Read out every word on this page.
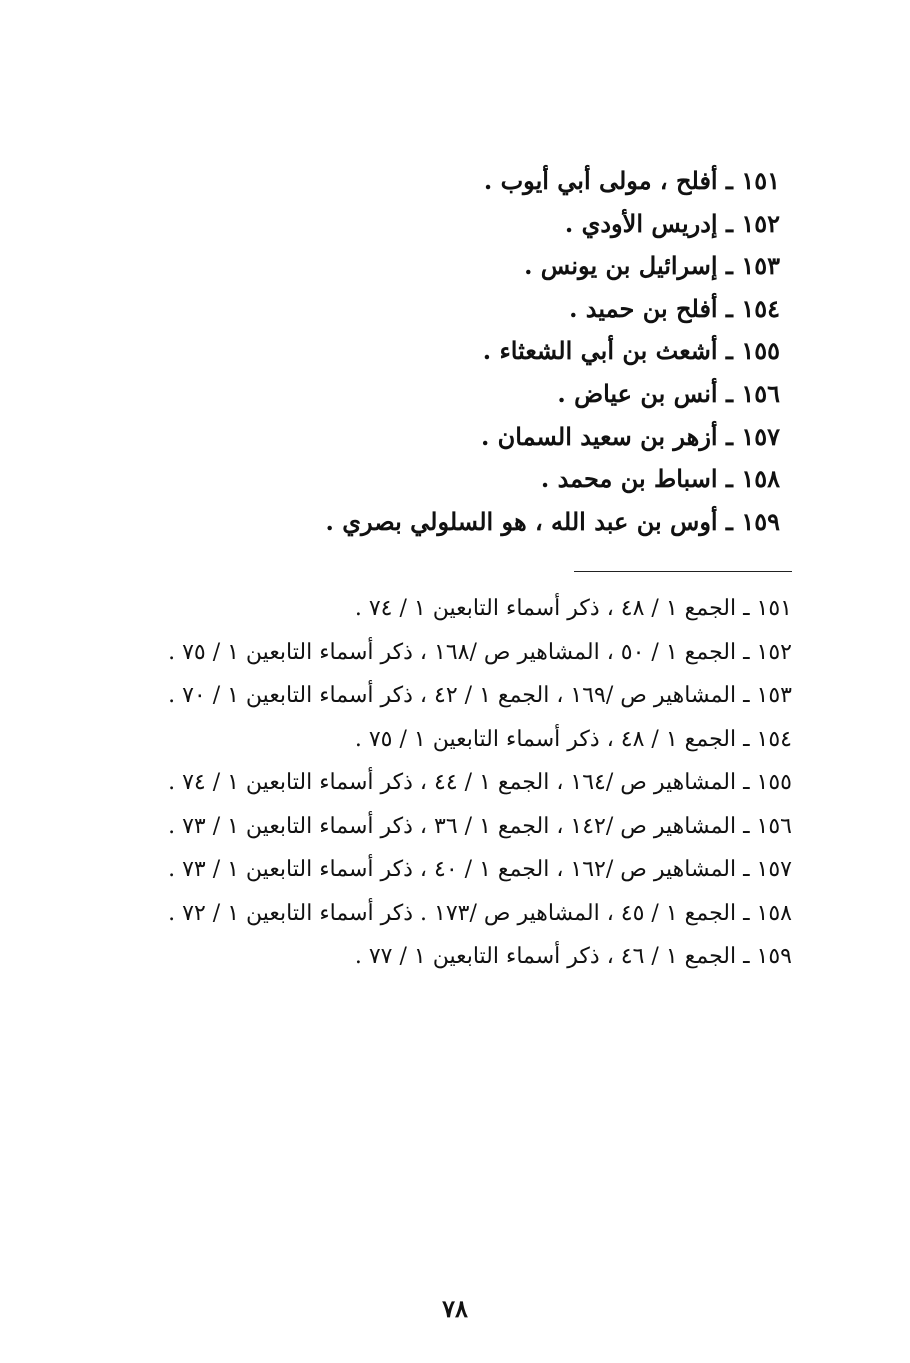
١٥١ ـ أفلح ، مولى أبي أيوب .
١٥٢ ـ إدريس الأودي .
١٥٣ ـ إسرائيل بن يونس .
١٥٤ ـ أفلح بن حميد .
١٥٥ ـ أشعث بن أبي الشعثاء .
١٥٦ ـ أنس بن عياض .
١٥٧ ـ أزهر بن سعيد السمان .
١٥٨ ـ اسباط بن محمد .
١٥٩ ـ أوس بن عبد الله ، هو السلولي بصري .
١٥١ ـ الجمع ١ / ٤٨ ، ذكر أسماء التابعين ١ / ٧٤ .
١٥٢ ـ الجمع ١ / ٥٠ ، المشاهير ص /١٦٨ ، ذكر أسماء التابعين ١ / ٧٥ .
١٥٣ ـ المشاهير ص /١٦٩ ، الجمع ١ / ٤٢ ، ذكر أسماء التابعين ١ / ٧٠ .
١٥٤ ـ الجمع ١ / ٤٨ ، ذكر أسماء التابعين ١ / ٧٥ .
١٥٥ ـ المشاهير ص /١٦٤ ، الجمع ١ / ٤٤ ، ذكر أسماء التابعين ١ / ٧٤ .
١٥٦ ـ المشاهير ص /١٤٢ ، الجمع ١ / ٣٦ ، ذكر أسماء التابعين ١ / ٧٣ .
١٥٧ ـ المشاهير ص /١٦٢ ، الجمع ١ / ٤٠ ، ذكر أسماء التابعين ١ / ٧٣ .
١٥٨ ـ الجمع ١ / ٤٥ ، المشاهير ص /١٧٣ . ذكر أسماء التابعين ١ / ٧٢ .
١٥٩ ـ الجمع ١ / ٤٦ ، ذكر أسماء التابعين ١ / ٧٧ .
٧٨
